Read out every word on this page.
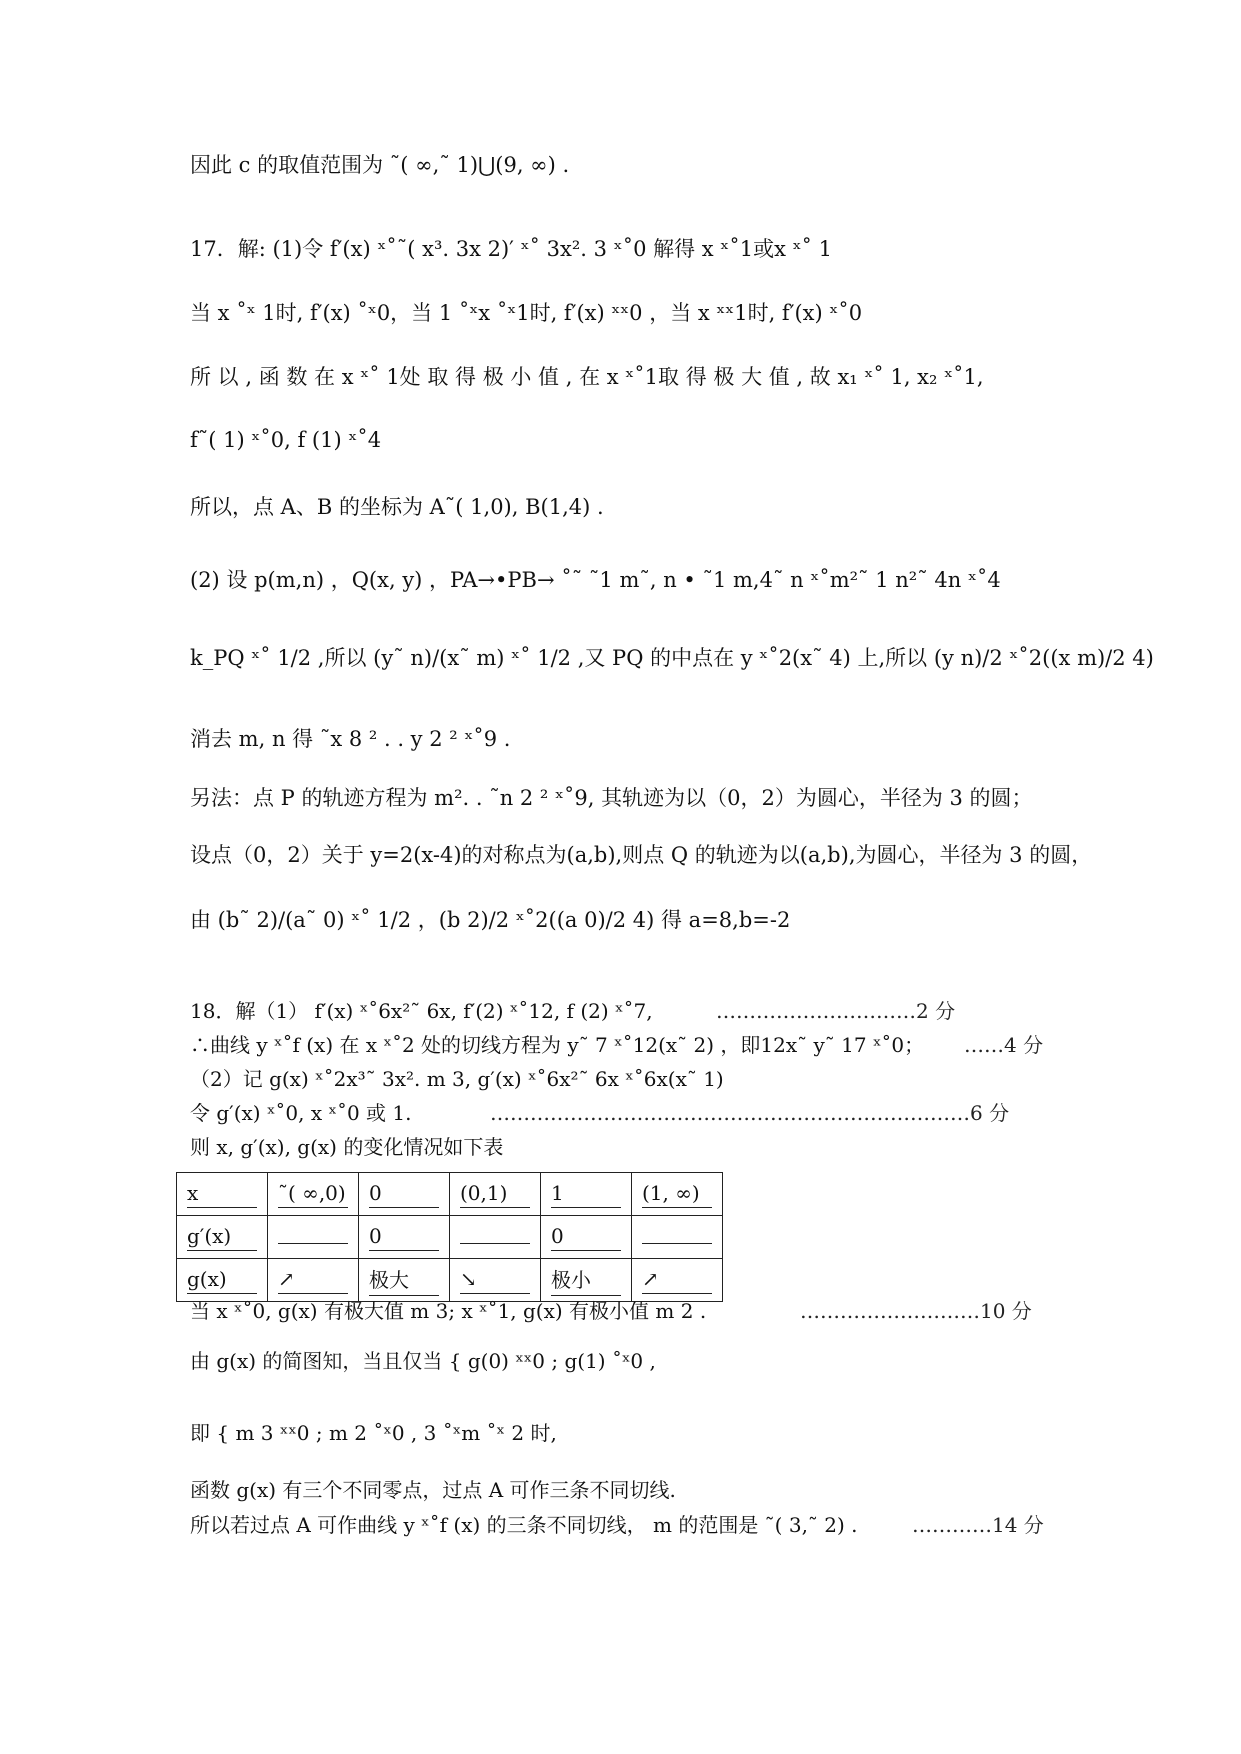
因此 c 的取值范围为 ˜( ∞,˜ 1)⋃(9, ∞) .
17．解: (1)令 f′(x) ˣ˚˜( x³. 3x 2)′ ˣ˚ 3x². 3 ˣ˚0 解得 x ˣ˚1或x ˣ˚ 1
当 x ˚ˣ 1时, f′(x) ˚ˣ0，当 1 ˚ˣx ˚ˣ1时, f′(x) ˣˣ0 ，当 x ˣˣ1时, f′(x) ˣ˚0
所 以 , 函 数 在 x ˣ˚ 1处 取 得 极 小 值 , 在 x ˣ˚1取 得 极 大 值 , 故 x₁ ˣ˚ 1, x₂ ˣ˚1,
f˜( 1) ˣ˚0, f (1) ˣ˚4
所以，点 A、B 的坐标为 A˜( 1,0), B(1,4) .
(2) 设 p(m,n) ，Q(x, y) ，PA→•PB→ ˚˜ ˜1 m˜, n • ˜1 m,4˜ n ˣ˚m²˜ 1 n²˜ 4n ˣ˚4
k_PQ ˣ˚ 1/2 ,所以 (y˜ n)/(x˜ m) ˣ˚ 1/2 ,又 PQ 的中点在 y ˣ˚2(x˜ 4) 上,所以 (y n)/2 ˣ˚2((x m)/2 4)
消去 m, n 得 ˜x 8 ² . . y 2 ² ˣ˚9 .
另法：点 P 的轨迹方程为 m². . ˜n 2 ² ˣ˚9, 其轨迹为以（0，2）为圆心，半径为 3 的圆；
设点（0，2）关于 y=2(x-4)的对称点为(a,b),则点 Q 的轨迹为以(a,b),为圆心，半径为 3 的圆，
由 (b˜ 2)/(a˜ 0) ˣ˚ 1/2 ，(b 2)/2 ˣ˚2((a 0)/2 4) 得 a=8,b=-2
18．解（1） f′(x) ˣ˚6x²˜ 6x, f′(2) ˣ˚12, f (2) ˣ˚7,	…………………………2 分
∴曲线 y ˣ˚f (x) 在 x ˣ˚2 处的切线方程为 y˜ 7 ˣ˚12(x˜ 2) ，即12x˜ y˜ 17 ˣ˚0； ……4 分
（2）记 g(x) ˣ˚2x³˜ 3x². m 3, g′(x) ˣ˚6x²˜ 6x ˣ˚6x(x˜ 1)
令 g′(x) ˣ˚0, x ˣ˚0 或 1.	………………………………………………………………6 分
则 x, g′(x), g(x) 的变化情况如下表
x	˜( ∞,0)	0	(0,1)	1	(1, ∞)
g′(x)		0		0	
g(x)	↗	极大	↘	极小	↗
当 x ˣ˚0, g(x) 有极大值 m 3; x ˣ˚1, g(x) 有极小值 m 2 .	………………………10 分
由 g(x) 的简图知，当且仅当 { g(0) ˣˣ0 ; g(1) ˚ˣ0 ,
即 { m 3 ˣˣ0 ; m 2 ˚ˣ0 , 3 ˚ˣm ˚ˣ 2 时,
函数 g(x) 有三个不同零点，过点 A 可作三条不同切线.
所以若过点 A 可作曲线 y ˣ˚f (x) 的三条不同切线， m 的范围是 ˜( 3,˜ 2) .	…………14 分
